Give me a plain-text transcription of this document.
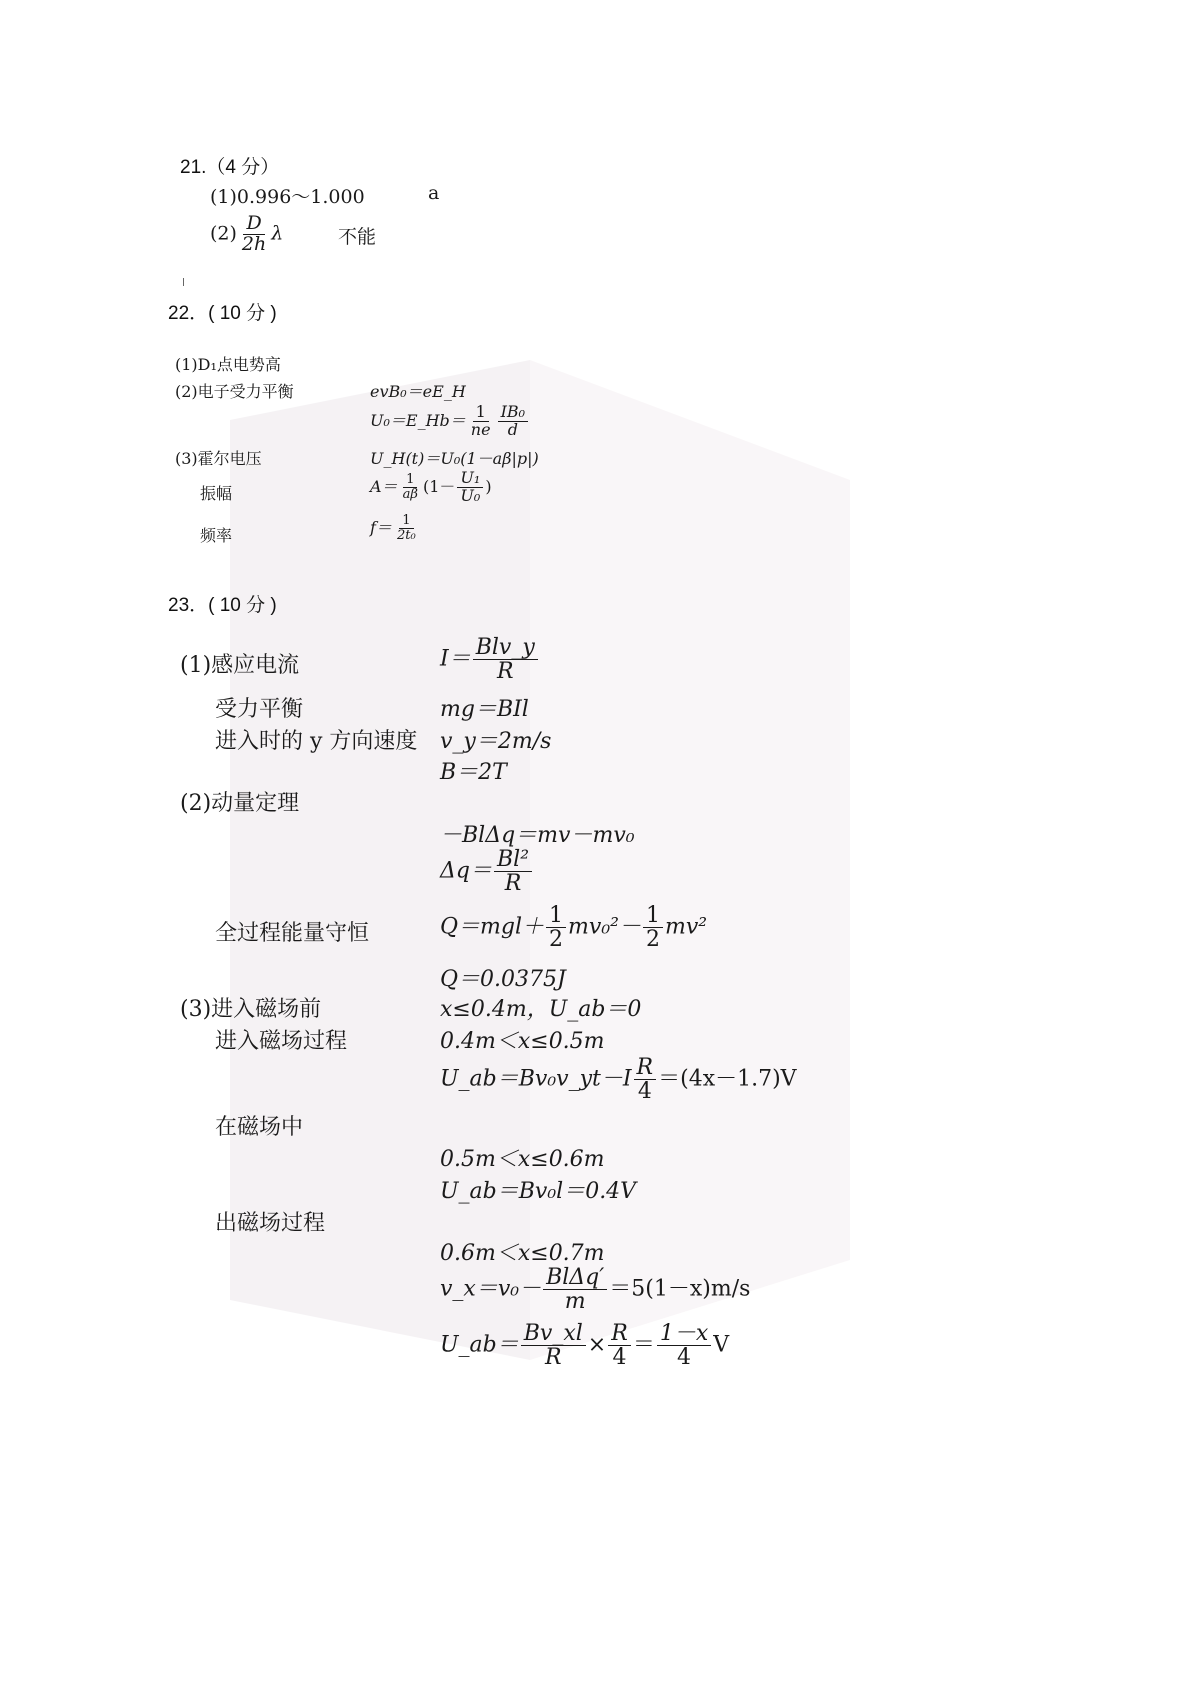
21.（4 分）
(1)0.996～1.000	a
$(2) \frac{D}{2h}$ λ	不能
22．( 10 分 )
(1)D₁点电势高
(2)电子受力平衡	evB₀＝eE_H
U₀＝E_Hb＝ $\frac{1}{ne} \frac{\text{IB₀}}{d}$
(3)霍尔电压	U_H(t)＝U₀(1－aβ|p|)
振幅	$A= \frac{1}{a\beta} (1- \frac{\text{U₁}}{\text{U₀}}$ )
频率	$f= \frac{1}{\text{2t₀}}$
23．( 10 分 )
(1)感应电流	$I= \frac{\text{Blv\_y}}{R}$
受力平衡	mg＝BIl
进入时的 y 方向速度 v_y＝2m/s
B＝2T
(2)动量定理
－BlΔq＝mv－mv₀
$\Delta q= \frac{\text{Bl²}}{R}$
全过程能量守恒	$Q=mgl+ \frac{1}{2} mv_0^2- \frac{1}{2} mv^2$
Q＝0.0375J
(3)进入磁场前	x≤0.4m，U_ab＝0
进入磁场过程	0.4m＜x≤0.5m
U_ab＝Bv₀v_yt－I $\frac{R}{4} =(4x-1.7)V$
在磁场中
0.5m＜x≤0.6m
U_ab＝Bv₀l＝0.4V
出磁场过程
0.6m＜x≤0.7m
v_x＝v₀－ $\frac{\text{BlΔq′}}{m} =5(1-x)m/s$
U_ab＝ $\frac{Bv\_xl}{R} \times \frac{R}{4} = \frac{1-x}{4}$ V
